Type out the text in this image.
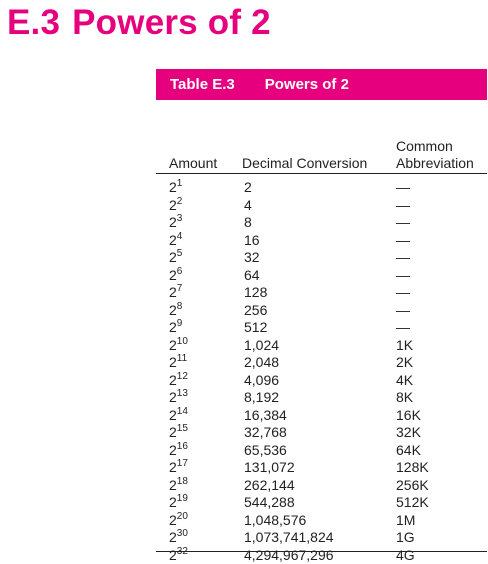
E.3 Powers of 2
Table E.3 Powers of 2
Amount Decimal Conversion
Common
Abbreviation
$2^1$	2	—
$2^2$	4	—
$2^3$	8	—
$2^4$	16	—
$2^5$	32	—
$2^6$	64	—
$2^7$	128	—
$2^8$	256	—
$2^9$	512	—
$2^{10}$	1,024	1K
$2^{11}$	2,048	2K
$2^{12}$	4,096	4K
$2^{13}$	8,192	8K
$2^{14}$	16,384	16K
$2^{15}$	32,768	32K
$2^{16}$	65,536	64K
$2^{17}$	131,072	128K
$2^{18}$	262,144	256K
$2^{19}$	544,288	512K
$2^{20}$	1,048,576	1M
$2^{30}$	1,073,741,824	1G
$2^{32}$	4,294,967,296	4G
